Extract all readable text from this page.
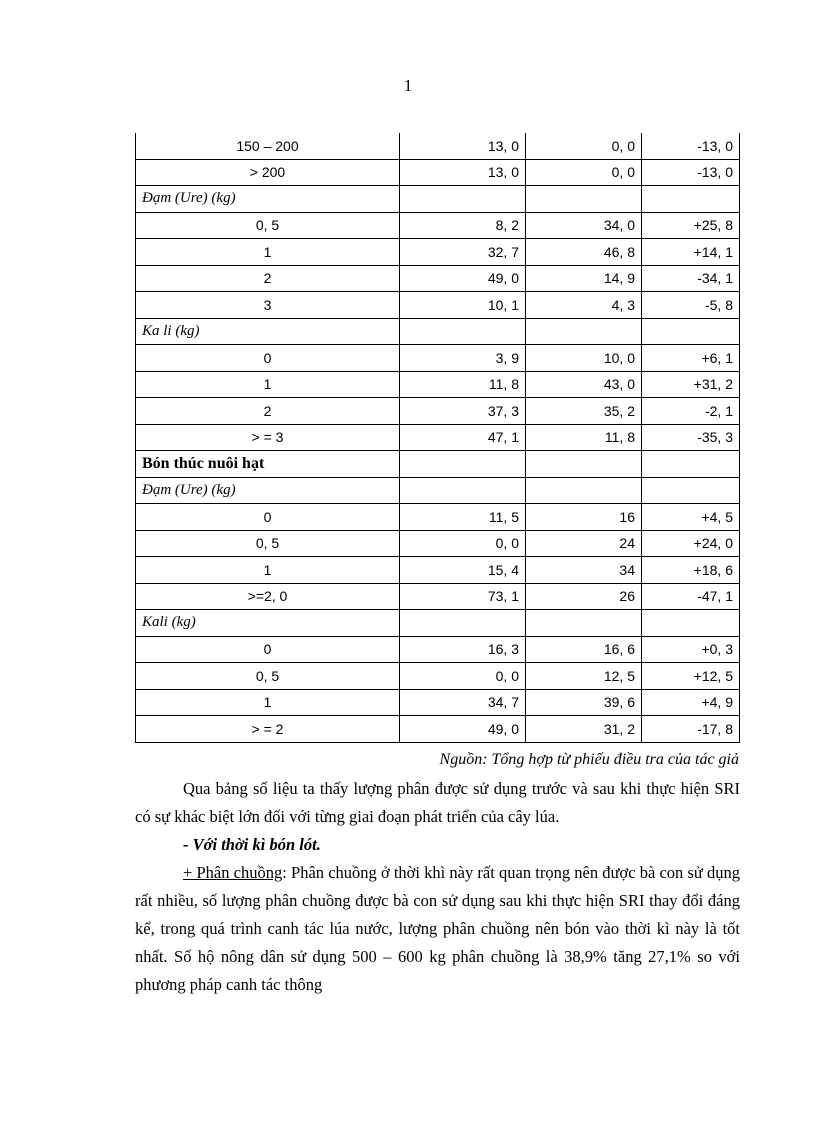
1
150 – 200	13, 0	0, 0	-13, 0
> 200	13, 0	0, 0	-13, 0
Đạm (Ure) (kg)			
0, 5	8, 2	34, 0	+25, 8
1	32, 7	46, 8	+14, 1
2	49, 0	14, 9	-34, 1
3	10, 1	4, 3	-5, 8
Ka li (kg)			
0	3, 9	10, 0	+6, 1
1	11, 8	43, 0	+31, 2
2	37, 3	35, 2	-2, 1
> = 3	47, 1	11, 8	-35, 3
Bón thúc nuôi hạt			
Đạm (Ure) (kg)			
0	11, 5	16	+4, 5
0, 5	0, 0	24	+24, 0
1	15, 4	34	+18, 6
>=2, 0	73, 1	26	-47, 1
Kali (kg)			
0	16, 3	16, 6	+0, 3
0, 5	0, 0	12, 5	+12, 5
1	34, 7	39, 6	+4, 9
> = 2	49, 0	31, 2	-17, 8
Nguồn: Tổng hợp từ phiếu điều tra của tác giả

Qua bảng số liệu ta thấy lượng phân được sử dụng trước và sau khi thực hiện SRI có sự khác biệt lớn đối với từng giai đoạn phát triển của cây lúa.

- Với thời kì bón lót.

+ Phân chuồng: Phân chuồng ở thời khì này rất quan trọng nên được bà con sử dụng rất nhiều, số lượng phân chuồng được bà con sử dụng sau khi thực hiện SRI thay đổi đáng kể, trong quá trình canh tác lúa nước, lượng phân chuồng nên bón vào thời kì này là tốt nhất. Số hộ nông dân sử dụng 500 – 600 kg phân chuồng là 38,9% tăng 27,1% so với phương pháp canh tác thông
